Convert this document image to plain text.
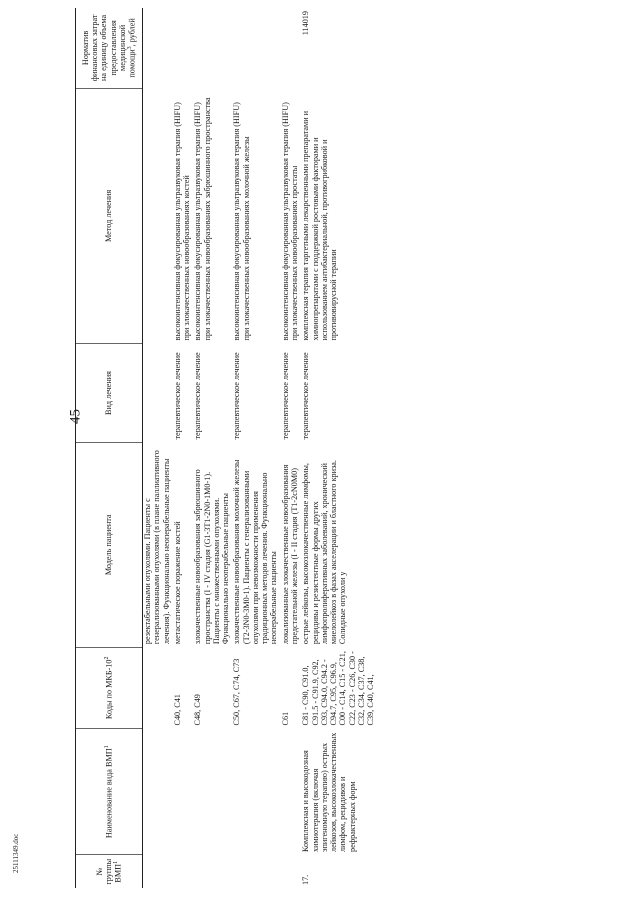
45
25111349.doc	№ группы ВМП$^1$	Наименование вида ВМП$^1$	Коды по МКБ-$10^2$	Модель пациента	Вид лечения	Метод лечения	Норматив финансовых затрат на единицу объема предоставления медицинской помощи$^3$, рублей
			резектабельными опухолями. Пациенты с генерализованными опухолями (в плане паллиативного лечения). Функционально неоперабельные пациенты			
		C40, C41	метастатическое поражение костей	терапевтическое лечение	высокоинтенсивная фокусированная ультразвуковая терапия (HIFU) при злокачественных новообразованиях костей	
		C48, C49	злокачественные новообразования забрюшинного пространства (I - IV стадия (G1-3T1-2N0-1M0-1). Пациенты с множественными опухолями. Функционально неоперабельные пациенты	терапевтическое лечение	высокоинтенсивная фокусированная ультразвуковая терапия (HIFU) при злокачественных новообразованиях забрюшинного пространства	
		C50, C67, C74, C73	злокачественные новообразования молочной железы (T2-3N0-3M0-1). Пациенты с генерализованными опухолями при невозможности применения традиционных методов лечения. Функционально неоперабельные пациенты	терапевтическое лечение	высокоинтенсивная фокусированная ультразвуковая терапия (HIFU) при злокачественных новообразованиях молочной железы	
		C61	локализованные злокачественные новообразования предстательной железы (I - II стадия (T1-2cN0M0)	терапевтическое лечение	высокоинтенсивная фокусированная ультразвуковая терапия (HIFU) при злокачественных новообразованиях простаты	
17.	Комплексная и высокодозная химиотерапия (включая эпигеномную терапию) острых лейкозов, высокозлокачественных лимфом, рецидивов и рефрактерных форм	C81 - C90, C91.0, C91.5 - C91.9, C92, C93, C94.0, C94.2 - C94.7, C95, C96.9, C00 - C14, C15 - C21, C22, C23 - C26, C30 - C32, C34, C37, C38, C39, C40, C41,	острые лейкозы, высокозлокачественные лимфомы, рецидивы и резистентные формы других лимфопролиферативных заболеваний, хронический миелолейкоз в фазах акселерации и бластного криза. Солидные опухоли у	терапевтическое лечение	комплексная терапия таргетными лекарственными препаратами и химиопрепаратами с поддержкой ростовыми факторами и использованием антибактериальной, противогрибковой и противовирусной терапии	114019
